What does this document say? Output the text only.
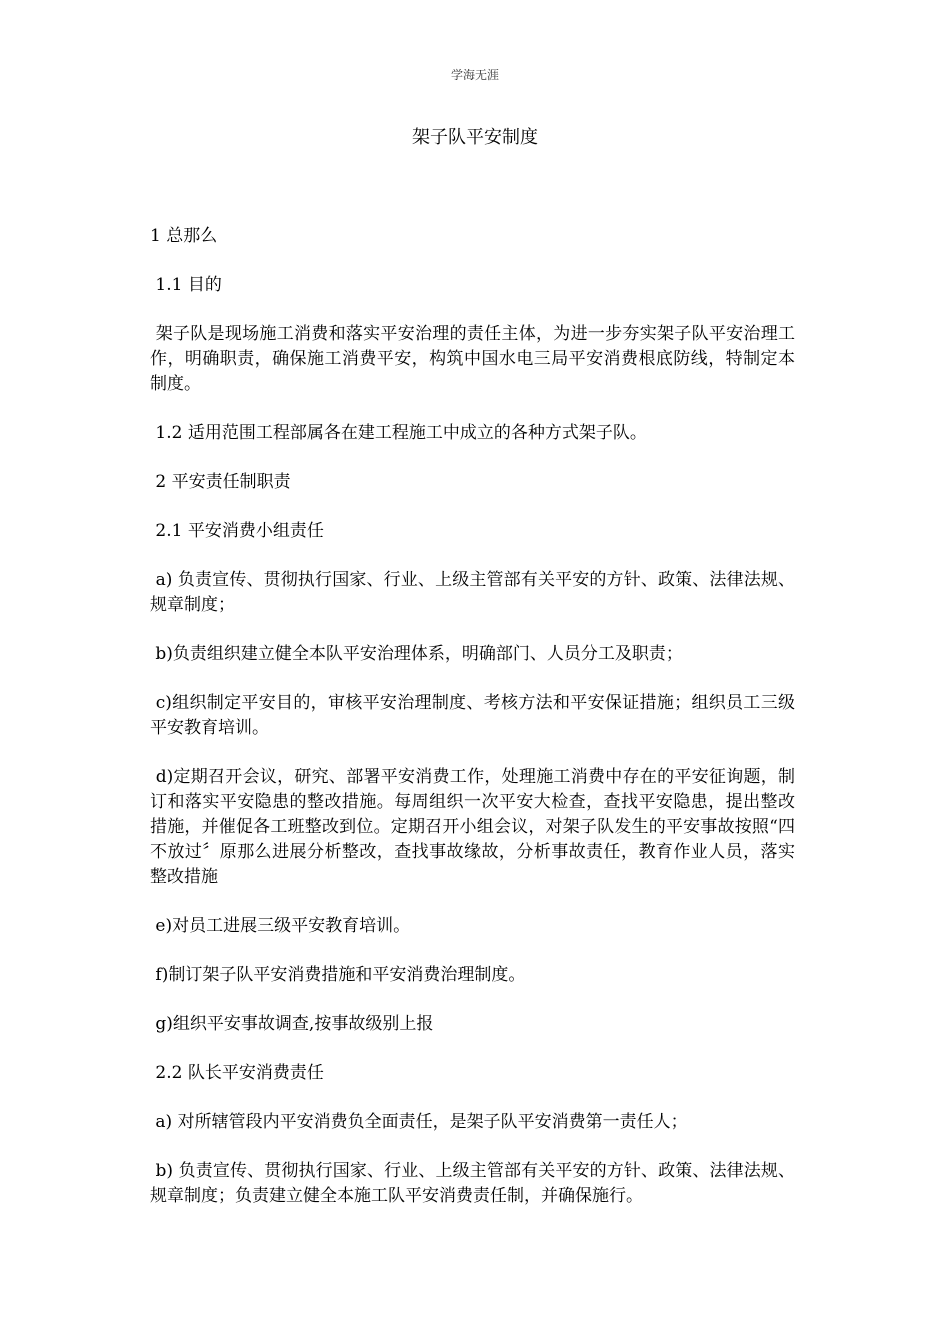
学海无涯
架子队平安制度

1 总那么

1.1 目的

架子队是现场施工消费和落实平安治理的责任主体，为进一步夯实架子队平安治理工作，明确职责，确保施工消费平安，构筑中国水电三局平安消费根底防线，特制定本制度。

1.2 适用范围工程部属各在建工程施工中成立的各种方式架子队。

2 平安责任制职责

2.1 平安消费小组责任

a) 负责宣传、贯彻执行国家、行业、上级主管部有关平安的方针、政策、法律法规、规章制度；

b)负责组织建立健全本队平安治理体系，明确部门、人员分工及职责；

c)组织制定平安目的，审核平安治理制度、考核方法和平安保证措施；组织员工三级平安教育培训。

d)定期召开会议，研究、部署平安消费工作，处理施工消费中存在的平安征询题，制订和落实平安隐患的整改措施。每周组织一次平安大检查，查找平安隐患，提出整改措施，并催促各工班整改到位。定期召开小组会议，对架子队发生的平安事故按照“四不放过〞原那么进展分析整改，查找事故缘故，分析事故责任，教育作业人员，落实整改措施

e)对员工进展三级平安教育培训。

f)制订架子队平安消费措施和平安消费治理制度。

g)组织平安事故调查,按事故级别上报

2.2 队长平安消费责任

a) 对所辖管段内平安消费负全面责任，是架子队平安消费第一责任人；

b) 负责宣传、贯彻执行国家、行业、上级主管部有关平安的方针、政策、法律法规、规章制度；负责建立健全本施工队平安消费责任制，并确保施行。
